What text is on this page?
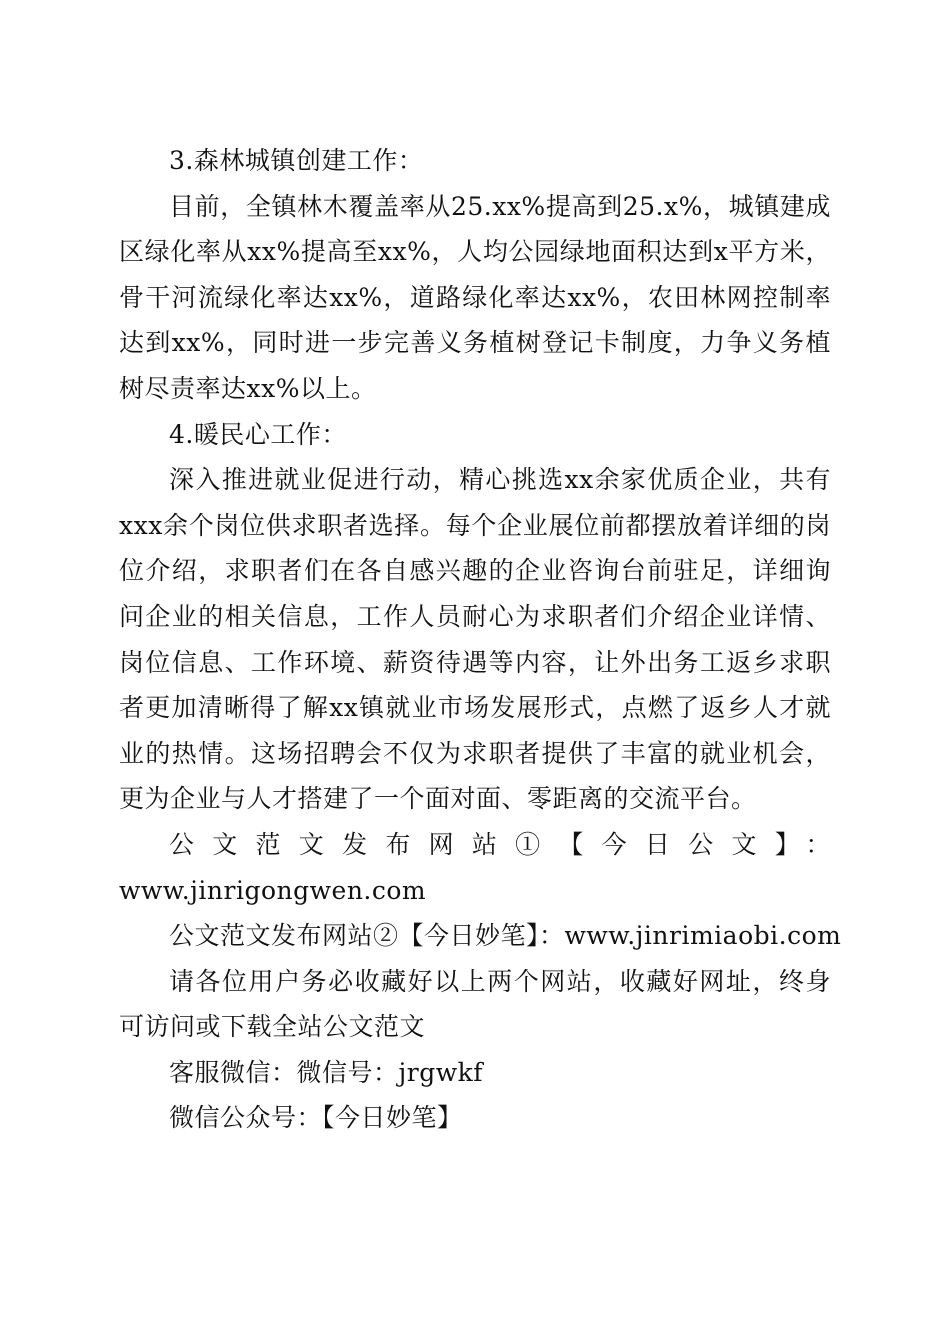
3.森林城镇创建工作：

目前，全镇林木覆盖率从25.xx%提高到25.x%，城镇建成区绿化率从xx%提高至xx%，人均公园绿地面积达到x平方米，骨干河流绿化率达xx%，道路绿化率达xx%，农田林网控制率达到xx%，同时进一步完善义务植树登记卡制度，力争义务植树尽责率达xx%以上。

4.暖民心工作：

深入推进就业促进行动，精心挑选xx余家优质企业，共有xxx余个岗位供求职者选择。每个企业展位前都摆放着详细的岗位介绍，求职者们在各自感兴趣的企业咨询台前驻足，详细询问企业的相关信息，工作人员耐心为求职者们介绍企业详情、岗位信息、工作环境、薪资待遇等内容，让外出务工返乡求职者更加清晰得了解xx镇就业市场发展形式，点燃了返乡人才就业的热情。这场招聘会不仅为求职者提供了丰富的就业机会，更为企业与人才搭建了一个面对面、零距离的交流平台。

公文范文发布网站①【今日公文】：

www.jinrigongwen.com

公文范文发布网站②【今日妙笔】：www.jinrimiaobi.com

请各位用户务必收藏好以上两个网站，收藏好网址，终身可访问或下载全站公文范文

客服微信：微信号：jrgwkf

微信公众号：【今日妙笔】
